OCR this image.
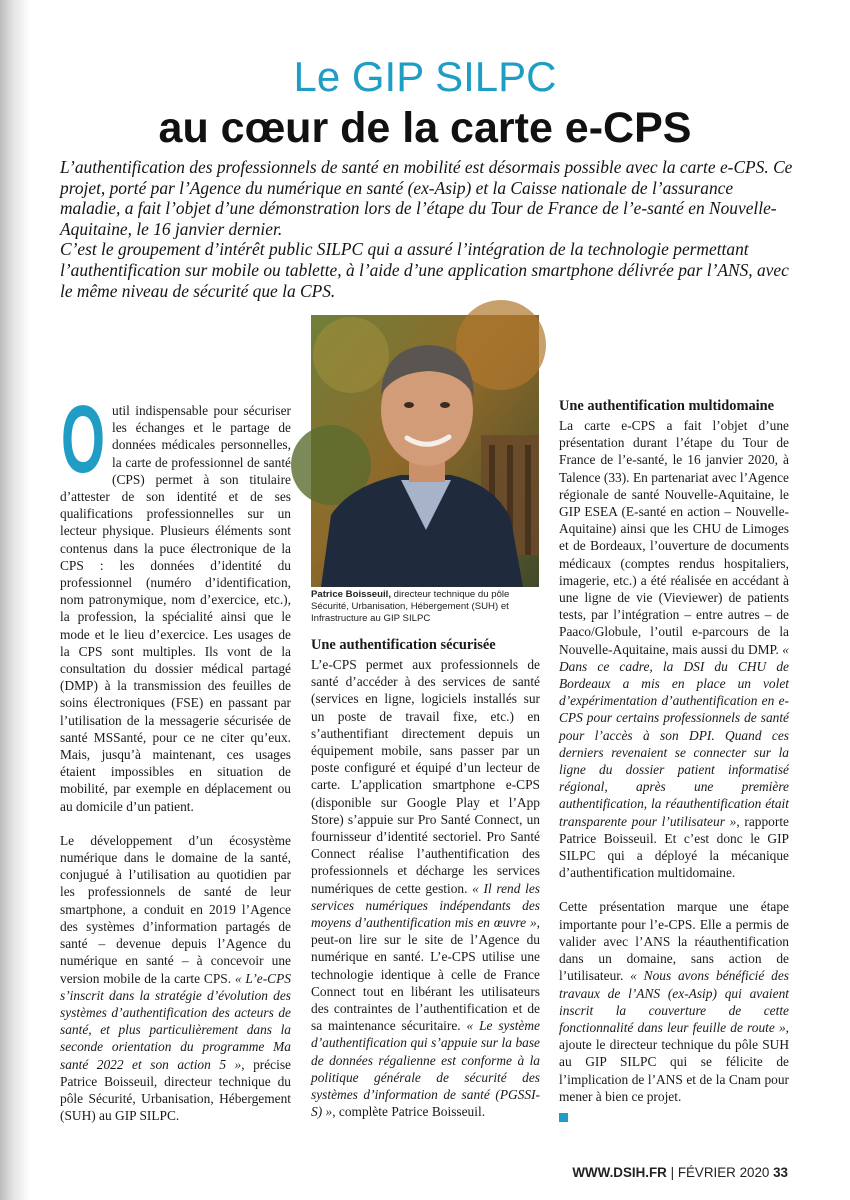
Le GIP SILPC
au cœur de la carte e-CPS

L’authentification des professionnels de santé en mobilité est désormais possible avec la carte e-CPS. Ce projet, porté par l’Agence du numérique en santé (ex-Asip) et la Caisse nationale de l’assurance maladie, a fait l’objet d’une démonstration lors de l’étape du Tour de France de l’e-santé en Nouvelle-Aquitaine, le 16 janvier dernier.

C’est le groupement d’intérêt public SILPC qui a assuré l’intégration de la technologie permettant l’authentification sur mobile ou tablette, à l’aide d’une application smartphone délivrée par l’ANS, avec le même niveau de sécurité que la CPS.

Patrice Boisseuil, directeur technique du pôle Sécurité, Urbanisation, Hébergement (SUH) et Infrastructure au GIP SILPC
O util indispensable pour sécuriser les échanges et le partage de données médicales personnelles, la carte de professionnel de santé (CPS) permet à son titulaire d’attester de son identité et de ses qualifications professionnelles sur un lecteur physique. Plusieurs éléments sont contenus dans la puce électronique de la CPS : les données d’identité du professionnel (numéro d’identification, nom patronymique, nom d’exercice, etc.), la profession, la spécialité ainsi que le mode et le lieu d’exercice. Les usages de la CPS sont multiples. Ils vont de la consultation du dossier médical partagé (DMP) à la transmission des feuilles de soins électroniques (FSE) en passant par l’utilisation de la messagerie sécurisée de santé MSSanté, pour ce ne citer qu’eux. Mais, jusqu’à maintenant, ces usages étaient impossibles en situation de mobilité, par exemple en déplacement ou au domicile d’un patient.

Le développement d’un écosystème numérique dans le domaine de la santé, conjugué à l’utilisation au quotidien par les professionnels de santé de leur smartphone, a conduit en 2019 l’Agence des systèmes d’information partagés de santé – devenue depuis l’Agence du numérique en santé – à concevoir une version mobile de la carte CPS. « L’e-CPS s’inscrit dans la stratégie d’évolution des systèmes d’authentification des acteurs de santé, et plus particulièrement dans la seconde orientation du programme Ma santé 2022 et son action 5 », précise Patrice Boisseuil, directeur technique du pôle Sécurité, Urbanisation, Hébergement (SUH) au GIP SILPC.

Une authentification sécurisée

L’e-CPS permet aux professionnels de santé d’accéder à des services de santé (services en ligne, logiciels installés sur un poste de travail fixe, etc.) en s’authentifiant directement depuis un équipement mobile, sans passer par un poste configuré et équipé d’un lecteur de carte. L’application smartphone e-CPS (disponible sur Google Play et l’App Store) s’appuie sur Pro Santé Connect, un fournisseur d’identité sectoriel. Pro Santé Connect réalise l’authentification des professionnels et décharge les services numériques de cette gestion. « Il rend les services numériques indépendants des moyens d’authentification mis en œuvre », peut-on lire sur le site de l’Agence du numérique en santé. L’e-CPS utilise une technologie identique à celle de France Connect tout en libérant les utilisateurs des contraintes de l’authentification et de sa maintenance sécuritaire. « Le système d’authentification qui s’appuie sur la base de données régalienne est conforme à la politique générale de sécurité des systèmes d’information de santé (PGSSI-S) », complète Patrice Boisseuil.

Une authentification multidomaine

La carte e-CPS a fait l’objet d’une présentation durant l’étape du Tour de France de l’e-santé, le 16 janvier 2020, à Talence (33). En partenariat avec l’Agence régionale de santé Nouvelle-Aquitaine, le GIP ESEA (E-santé en action – Nouvelle-Aquitaine) ainsi que les CHU de Limoges et de Bordeaux, l’ouverture de documents médicaux (comptes rendus hospitaliers, imagerie, etc.) a été réalisée en accédant à une ligne de vie (Vieviewer) de patients tests, par l’intégration – entre autres – de Paaco/Globule, l’outil e-parcours de la Nouvelle-Aquitaine, mais aussi du DMP. « Dans ce cadre, la DSI du CHU de Bordeaux a mis en place un volet d’expérimentation d’authentification en e-CPS pour certains professionnels de santé pour l’accès à son DPI. Quand ces derniers revenaient se connecter sur la ligne du dossier patient informatisé régional, après une première authentification, la réauthentification était transparente pour l’utilisateur », rapporte Patrice Boisseuil. Et c’est donc le GIP SILPC qui a déployé la mécanique d’authentification multidomaine.

Cette présentation marque une étape importante pour l’e-CPS. Elle a permis de valider avec l’ANS la réauthentification dans un domaine, sans action de l’utilisateur. « Nous avons bénéficié des travaux de l’ANS (ex-Asip) qui avaient inscrit la couverture de cette fonctionnalité dans leur feuille de route », ajoute le directeur technique du pôle SUH au GIP SILPC qui se félicite de l’implication de l’ANS et de la Cnam pour mener à bien ce projet.

WWW.DSIH.FR | FÉVRIER 2020 33
